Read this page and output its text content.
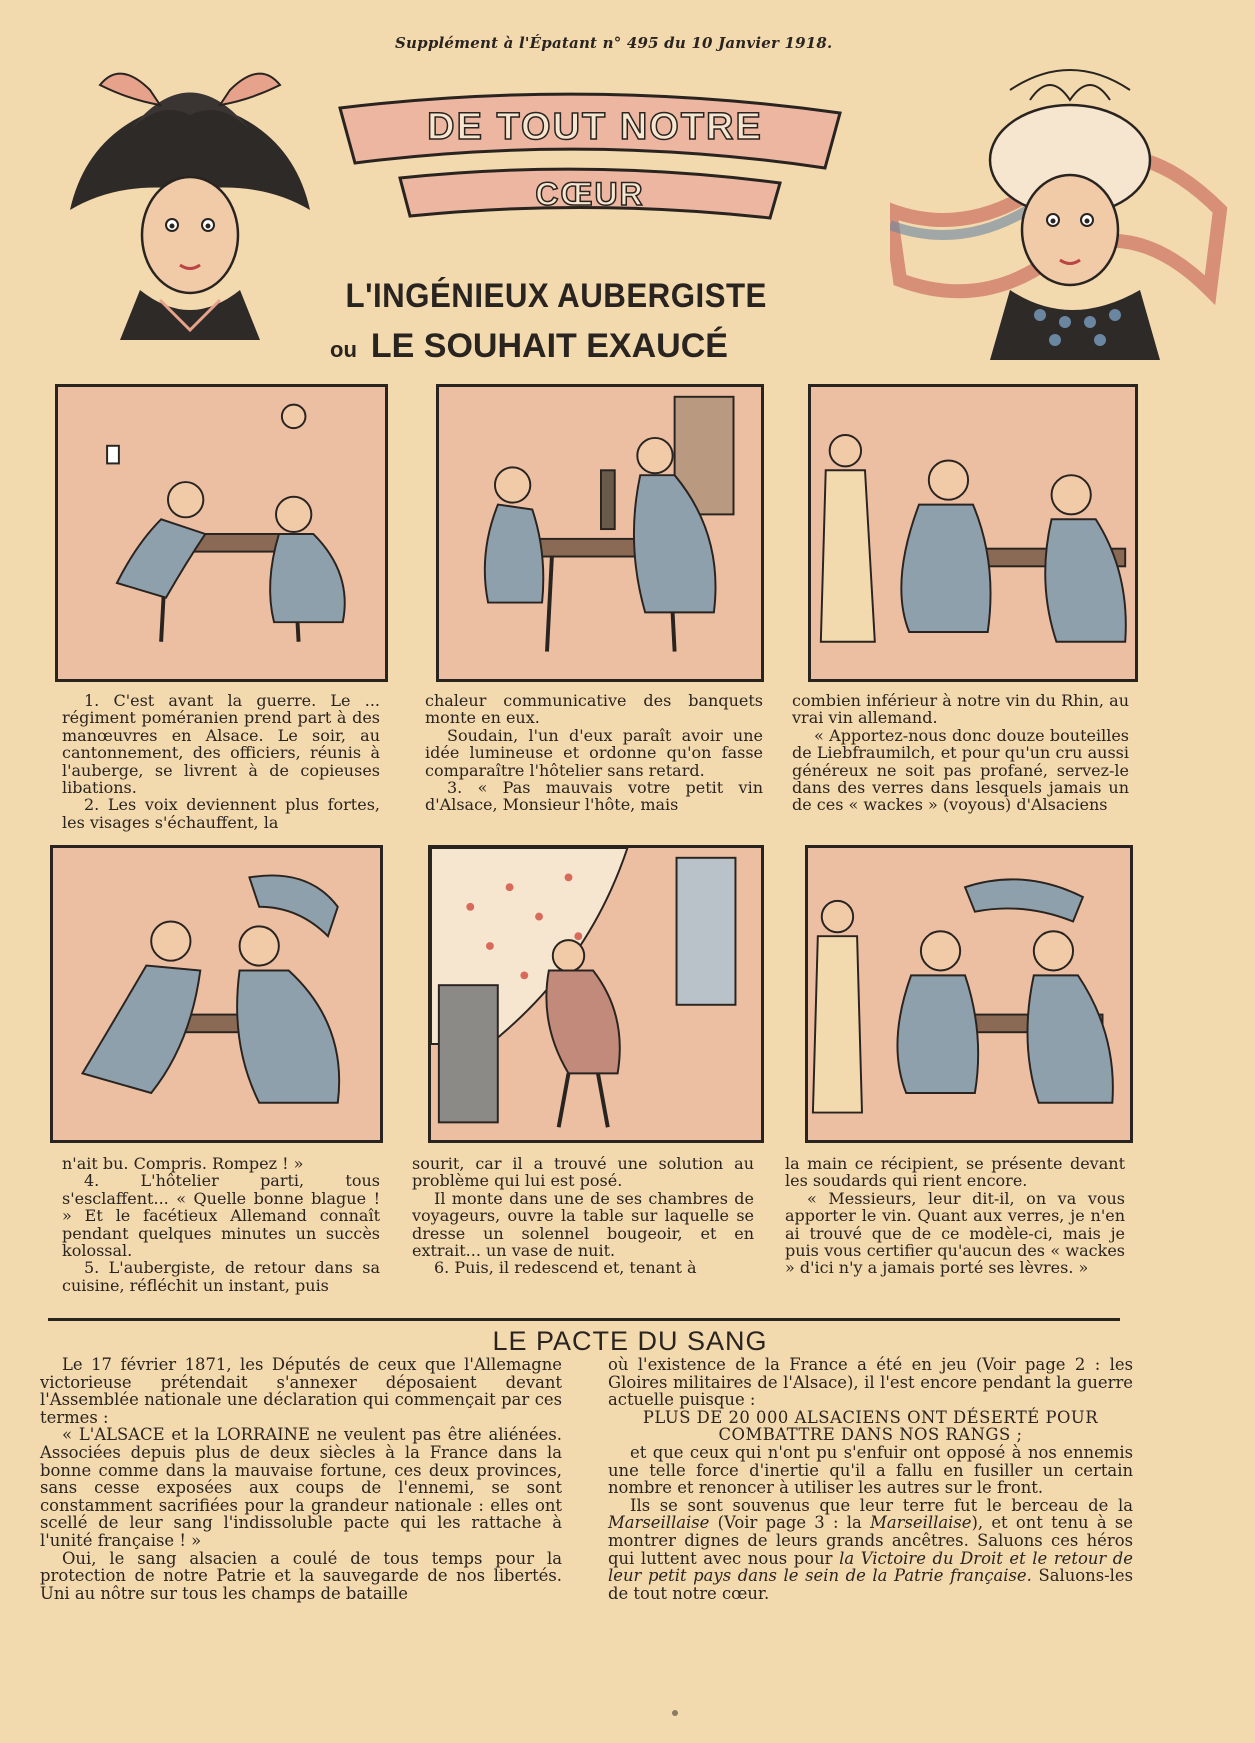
Supplément à l'Épatant n° 495 du 10 Janvier 1918.
DE TOUT NOTRE
CŒUR
L'INGÉNIEUX AUBERGISTE
ou LE SOUHAIT EXAUCÉ

1. C'est avant la guerre. Le ... régiment poméranien prend part à des manœuvres en Alsace. Le soir, au cantonnement, des officiers, réunis à l'auberge, se livrent à de copieuses libations.

2. Les voix deviennent plus fortes, les visages s'échauffent, la

chaleur communicative des banquets monte en eux.

Soudain, l'un d'eux paraît avoir une idée lumineuse et ordonne qu'on fasse comparaître l'hôtelier sans retard.

3. « Pas mauvais votre petit vin d'Alsace, Monsieur l'hôte, mais

combien inférieur à notre vin du Rhin, au vrai vin allemand.

« Apportez-nous donc douze bouteilles de Liebfraumilch, et pour qu'un cru aussi généreux ne soit pas profané, servez-le dans des verres dans lesquels jamais un de ces « wackes » (voyous) d'Alsaciens

n'ait bu. Compris. Rompez ! »

4. L'hôtelier parti, tous s'esclaffent... « Quelle bonne blague ! » Et le facétieux Allemand connaît pendant quelques minutes un succès kolossal.

5. L'aubergiste, de retour dans sa cuisine, réfléchit un instant, puis

sourit, car il a trouvé une solution au problème qui lui est posé.

Il monte dans une de ses chambres de voyageurs, ouvre la table sur laquelle se dresse un solennel bougeoir, et en extrait... un vase de nuit.

6. Puis, il redescend et, tenant à

la main ce récipient, se présente devant les soudards qui rient encore.

« Messieurs, leur dit-il, on va vous apporter le vin. Quant aux verres, je n'en ai trouvé que de ce modèle-ci, mais je puis vous certifier qu'aucun des « wackes » d'ici n'y a jamais porté ses lèvres. »

LE PACTE DU SANG

Le 17 février 1871, les Députés de ceux que l'Allemagne victorieuse prétendait s'annexer déposaient devant l'Assemblée nationale une déclaration qui commençait par ces termes :

« L'ALSACE et la LORRAINE ne veulent pas être aliénées. Associées depuis plus de deux siècles à la France dans la bonne comme dans la mauvaise fortune, ces deux provinces, sans cesse exposées aux coups de l'ennemi, se sont constamment sacrifiées pour la grandeur nationale : elles ont scellé de leur sang l'indissoluble pacte qui les rattache à l'unité française ! »

Oui, le sang alsacien a coulé de tous temps pour la protection de notre Patrie et la sauvegarde de nos libertés. Uni au nôtre sur tous les champs de bataille

où l'existence de la France a été en jeu (Voir page 2 : les Gloires militaires de l'Alsace), il l'est encore pendant la guerre actuelle puisque :

PLUS DE 20 000 ALSACIENS ONT DÉSERTÉ POUR COMBATTRE DANS NOS RANGS ;

et que ceux qui n'ont pu s'enfuir ont opposé à nos ennemis une telle force d'inertie qu'il a fallu en fusiller un certain nombre et renoncer à utiliser les autres sur le front.

Ils se sont souvenus que leur terre fut le berceau de la Marseillaise (Voir page 3 : la Marseillaise), et ont tenu à se montrer dignes de leurs grands ancêtres. Saluons ces héros qui luttent avec nous pour la Victoire du Droit et le retour de leur petit pays dans le sein de la Patrie française. Saluons-les de tout notre cœur.
